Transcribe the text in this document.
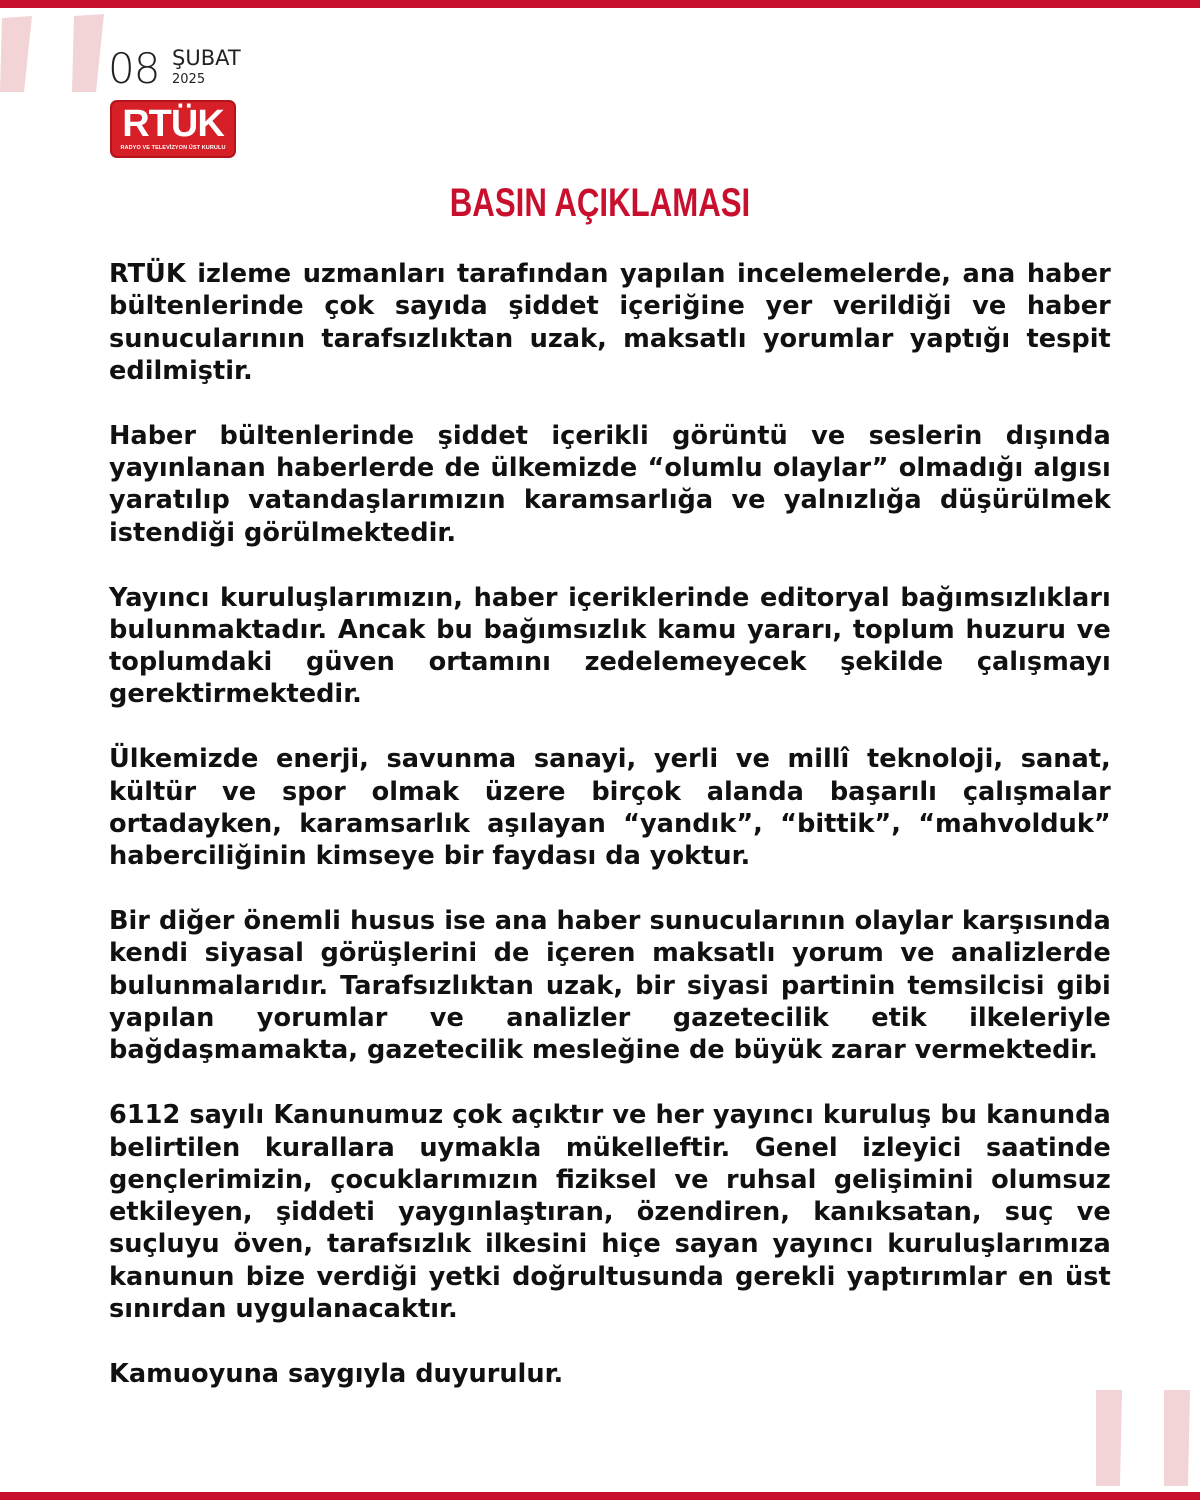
08 ŞUBAT
2025
RTÜK
RADYO VE TELEVİZYON ÜST KURULU
BASIN AÇIKLAMASI

RTÜK izleme uzmanları tarafından yapılan incelemelerde, ana haber bültenlerinde çok sayıda şiddet içeriğine yer verildiği ve haber sunucularının tarafsızlıktan uzak, maksatlı yorumlar yaptığı tespit edilmiştir.

Haber bültenlerinde şiddet içerikli görüntü ve seslerin dışında yayınlanan haberlerde de ülkemizde “olumlu olaylar” olmadığı algısı yaratılıp vatandaşlarımızın karamsarlığa ve yalnızlığa düşürülmek istendiği görülmektedir.

Yayıncı kuruluşlarımızın, haber içeriklerinde editoryal bağımsızlıkları bulunmaktadır. Ancak bu bağımsızlık kamu yararı, toplum huzuru ve toplumdaki güven ortamını zedelemeyecek şekilde çalışmayı gerektirmektedir.

Ülkemizde enerji, savunma sanayi, yerli ve millî teknoloji, sanat, kültür ve spor olmak üzere birçok alanda başarılı çalışmalar ortadayken, karamsarlık aşılayan “yandık”, “bittik”, “mahvolduk” haberciliğinin kimseye bir faydası da yoktur.

Bir diğer önemli husus ise ana haber sunucularının olaylar karşısında kendi siyasal görüşlerini de içeren maksatlı yorum ve analizlerde bulunmalarıdır. Tarafsızlıktan uzak, bir siyasi partinin temsilcisi gibi yapılan yorumlar ve analizler gazetecilik etik ilkeleriyle bağdaşmamakta, gazetecilik mesleğine de büyük zarar vermektedir.

6112 sayılı Kanunumuz çok açıktır ve her yayıncı kuruluş bu kanunda belirtilen kurallara uymakla mükelleftir. Genel izleyici saatinde gençlerimizin, çocuklarımızın fiziksel ve ruhsal gelişimini olumsuz etkileyen, şiddeti yaygınlaştıran, özendiren, kanıksatan, suç ve suçluyu öven, tarafsızlık ilkesini hiçe sayan yayıncı kuruluşlarımıza kanunun bize verdiği yetki doğrultusunda gerekli yaptırımlar en üst sınırdan uygulanacaktır.

Kamuoyuna saygıyla duyurulur.
